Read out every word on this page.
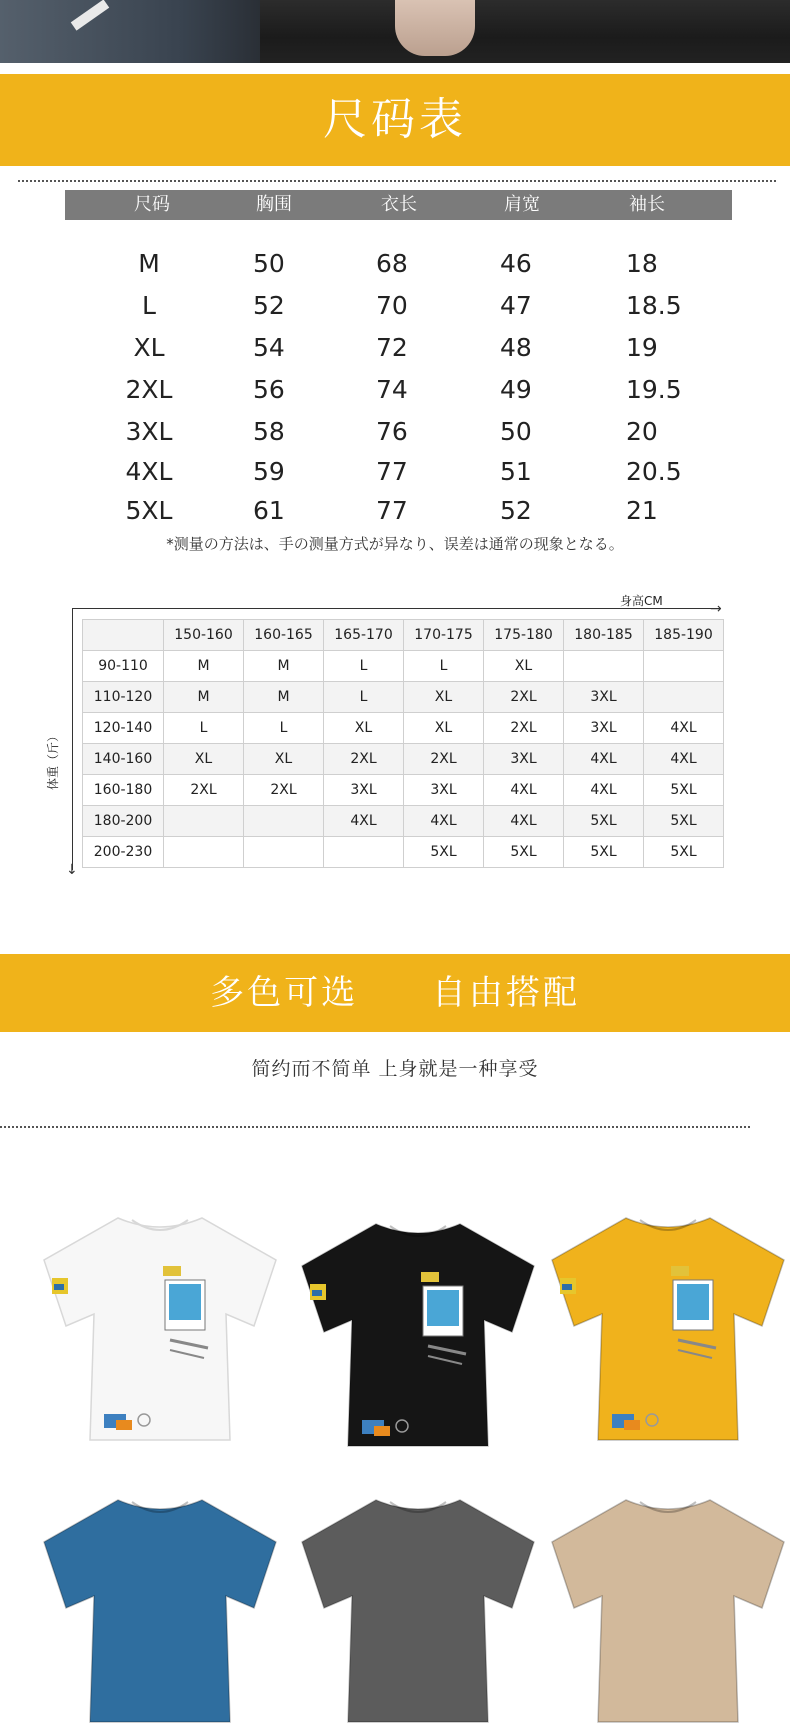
尺码表
尺码	胸围	衣长	肩宽	袖长
M	50	68	46	18
L	52	70	47	18.5
XL	54	72	48	19
2XL	56	74	49	19.5
3XL	58	76	50	20
4XL	59	77	51	20.5
5XL	61	77	52	21
*测量の方法は、手の测量方式が异なり、误差は通常の现象となる。
身高CM	→
↓
体重（斤）
	150-160	160-165	165-170	170-175	175-180	180-185	185-190
90-110	M	M	L	L	XL		
110-120	M	M	L	XL	2XL	3XL	
120-140	L	L	XL	XL	2XL	3XL	4XL
140-160	XL	XL	2XL	2XL	3XL	4XL	4XL
160-180	2XL	2XL	3XL	3XL	4XL	4XL	5XL
180-200			4XL	4XL	4XL	5XL	5XL
200-230				5XL	5XL	5XL	5XL
多色可选 自由搭配
简约而不简单 上身就是一种享受
